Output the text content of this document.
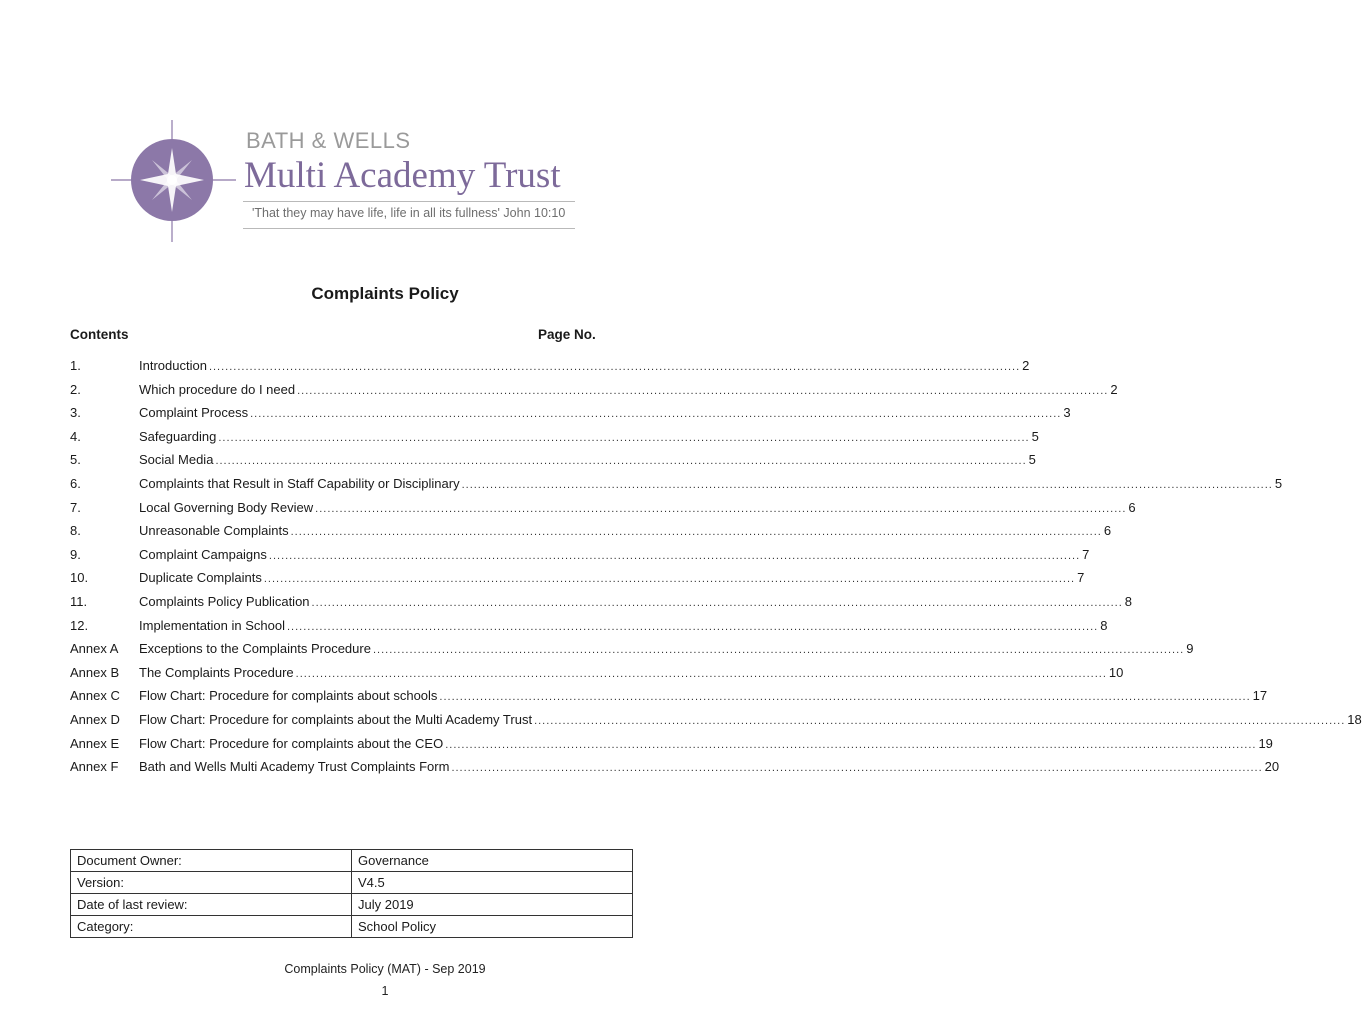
BATH & WELLS
Multi Academy Trust
'That they may have life, life in all its fullness' John 10:10
Complaints Policy
Contents	Page No.
1.	Introduction ........................................................................................................................................................................................................ 2
2.	Which procedure do I need ........................................................................................................................................................................................................ 2
3.	Complaint Process ........................................................................................................................................................................................................ 3
4.	Safeguarding ........................................................................................................................................................................................................ 5
5.	Social Media ........................................................................................................................................................................................................ 5
6.	Complaints that Result in Staff Capability or Disciplinary ........................................................................................................................................................................................................ 5
7.	Local Governing Body Review ........................................................................................................................................................................................................ 6
8.	Unreasonable Complaints ........................................................................................................................................................................................................ 6
9.	Complaint Campaigns ........................................................................................................................................................................................................ 7
10.	Duplicate Complaints ........................................................................................................................................................................................................ 7
11.	Complaints Policy Publication ........................................................................................................................................................................................................ 8
12.	Implementation in School ........................................................................................................................................................................................................ 8
Annex A Exceptions to the Complaints Procedure ........................................................................................................................................................................................................ 9
Annex B The Complaints Procedure ........................................................................................................................................................................................................ 10
Annex C Flow Chart: Procedure for complaints about schools ........................................................................................................................................................................................................ 17
Annex D Flow Chart: Procedure for complaints about the Multi Academy Trust ........................................................................................................................................................................................................ 18
Annex E Flow Chart: Procedure for complaints about the CEO ........................................................................................................................................................................................................ 19
Annex F Bath and Wells Multi Academy Trust Complaints Form ........................................................................................................................................................................................................ 20
Document Owner:	Governance
Version:	V4.5
Date of last review:	July 2019
Category:	School Policy
Complaints Policy (MAT) - Sep 2019
1
